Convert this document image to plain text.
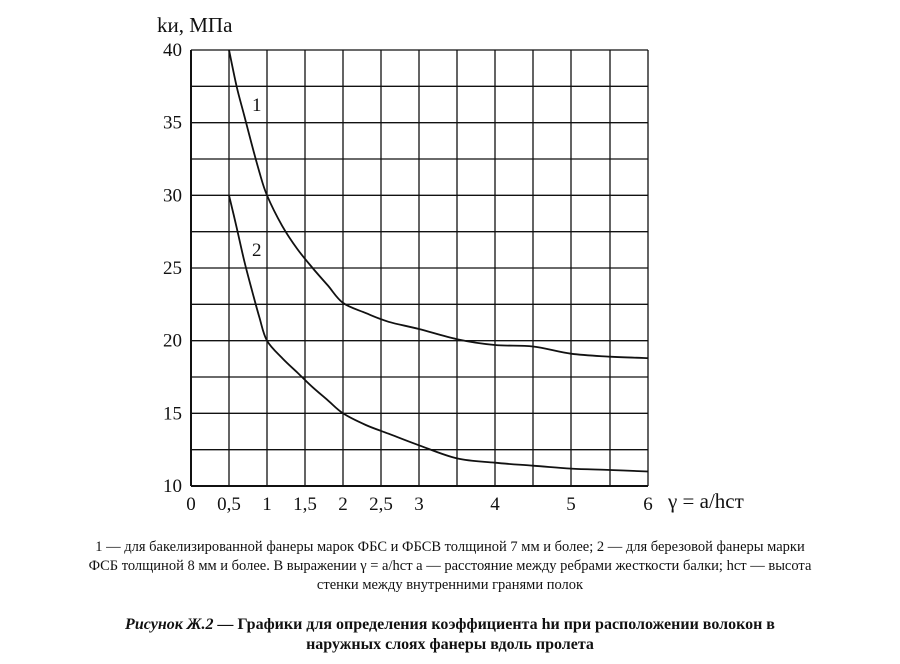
1
2
10
15
20
25
30
35
40
0 0,5 1 1,5 2 2,5 3	4	5	6
kи, МПа
γ = a/hст
1 — для бакелизированной фанеры марок ФБС и ФБСВ толщиной 7 мм и более; 2 — для березовой фанеры марки
ФСБ толщиной 8 мм и более. В выражении γ = a/hст a — расстояние между ребрами жесткости балки; hст — высота
стенки между внутренними гранями полок
Рисунок Ж.2 — Графики для определения коэффициента hи при расположении волокон в
наружных слоях фанеры вдоль пролета
